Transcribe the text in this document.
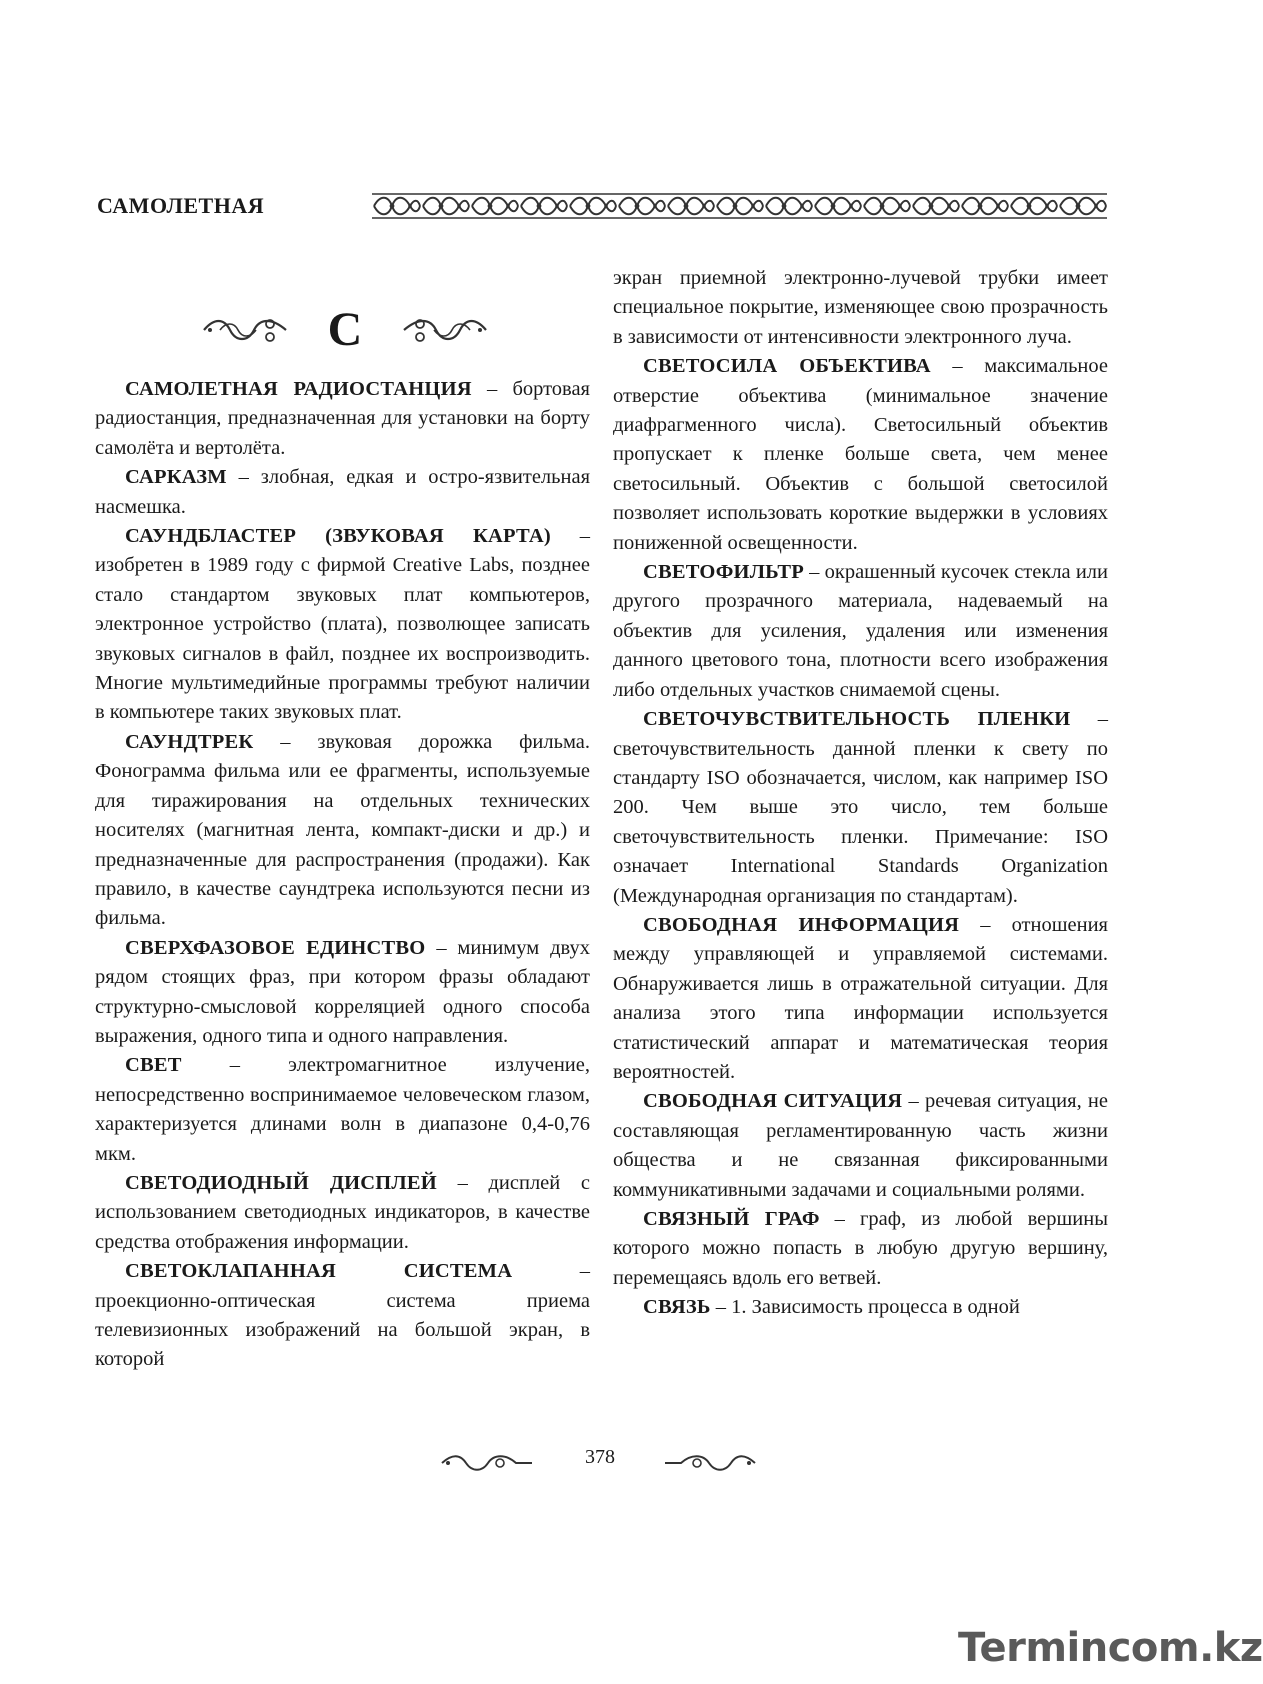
САМОЛЕТНАЯ
С

САМОЛЕТНАЯ РАДИОСТАНЦИЯ – бортовая радиостанция, предназначенная для установки на борту самолёта и вертолёта.

САРКАЗМ – злобная, едкая и остро-язвительная насмешка.

САУНДБЛАСТЕР (ЗВУКОВАЯ КАРТА) – изобретен в 1989 году с фирмой Creative Labs, позднее стало стандартом звуковых плат компьютеров, электронное устройство (плата), позволющее записать звуковых сигналов в файл, позднее их воспроизводить. Многие мультимедийные программы требуют наличии в компьютере таких звуковых плат.

САУНДТРЕК – звуковая дорожка фильма. Фонограмма фильма или ее фрагменты, используемые для тиражирования на отдельных технических носителях (магнитная лента, компакт-диски и др.) и предназначенные для распространения (продажи). Как правило, в качестве саундтрека используются песни из фильма.

СВЕРХФАЗОВОЕ ЕДИНСТВО – минимум двух рядом стоящих фраз, при котором фразы обладают структурно-смысловой корреляцией одного способа выражения, одного типа и одного направления.

СВЕТ – электромагнитное излучение, непосредственно воспринимаемое человеческом глазом, характеризуется длинами волн в диапазоне 0,4-0,76 мкм.

СВЕТОДИОДНЫЙ ДИСПЛЕЙ – дисплей с использованием светодиодных индикаторов, в качестве средства отображения информации.

СВЕТОКЛАПАННАЯ СИСТЕМА – проекционно-оптическая система приема телевизионных изображений на большой экран, в которой

экран приемной электронно-лучевой трубки имеет специальное покрытие, изменяющее свою прозрачность в зависимости от интенсивности электронного луча.

СВЕТОСИЛА ОБЪЕКТИВА – максимальное отверстие объектива (минимальное значение диафрагменного числа). Светосильный объектив пропускает к пленке больше света, чем менее светосильный. Объектив с большой светосилой позволяет использовать короткие выдержки в условиях пониженной освещенности.

СВЕТОФИЛЬТР – окрашенный кусочек стекла или другого прозрачного материала, надеваемый на объектив для усиления, удаления или изменения данного цветового тона, плотности всего изображения либо отдельных участков снимаемой сцены.

СВЕТОЧУВСТВИТЕЛЬНОСТЬ ПЛЕНКИ – светочувствительность данной пленки к свету по стандарту ISO обозначается, числом, как например ISO 200. Чем выше это число, тем больше светочувствительность пленки. Примечание: ISO означает International Standards Organization (Международная организация по стандартам).

СВОБОДНАЯ ИНФОРМАЦИЯ – отношения между управляющей и управляемой системами. Обнаруживается лишь в отражательной ситуации. Для анализа этого типа информации используется статистический аппарат и математическая теория вероятностей.

СВОБОДНАЯ СИТУАЦИЯ – речевая ситуация, не составляющая регламентированную часть жизни общества и не связанная фиксированными коммуникативными задачами и социальными ролями.

СВЯЗНЫЙ ГРАФ – граф, из любой вершины которого можно попасть в любую другую вершину, перемещаясь вдоль его ветвей.

СВЯЗЬ – 1. Зависимость процесса в одной

378
Termincom.kz
